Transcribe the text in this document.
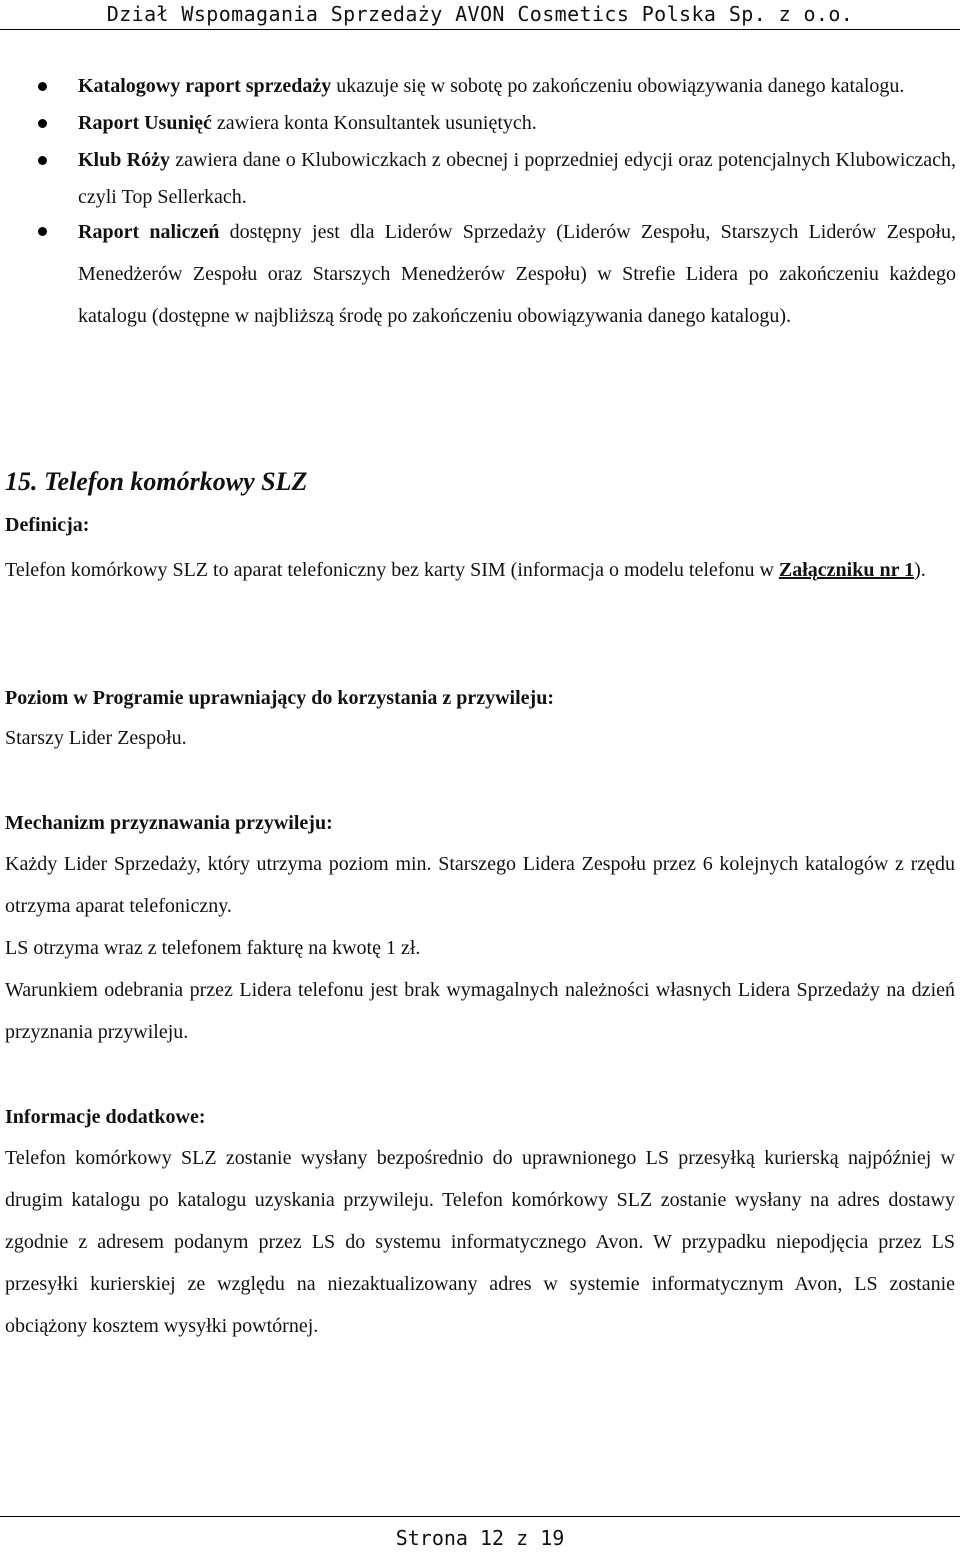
Dział Wspomagania Sprzedaży AVON Cosmetics Polska Sp. z o.o.
Katalogowy raport sprzedaży ukazuje się w sobotę po zakończeniu obowiązywania danego katalogu.
Raport Usunięć zawiera konta Konsultantek usuniętych.
Klub Róży zawiera dane o Klubowiczkach z obecnej i poprzedniej edycji oraz potencjalnych Klubowiczach, czyli Top Sellerkach.
Raport naliczeń dostępny jest dla Liderów Sprzedaży (Liderów Zespołu, Starszych Liderów Zespołu, Menedżerów Zespołu oraz Starszych Menedżerów Zespołu) w Strefie Lidera po zakończeniu każdego katalogu (dostępne w najbliższą środę po zakończeniu obowiązywania danego katalogu).
15. Telefon komórkowy SLZ
Definicja:
Telefon komórkowy SLZ to aparat telefoniczny bez karty SIM (informacja o modelu telefonu w Załączniku nr 1).
Poziom w Programie uprawniający do korzystania z przywileju:
Starszy Lider Zespołu.
Mechanizm przyznawania przywileju:
Każdy Lider Sprzedaży, który utrzyma poziom min. Starszego Lidera Zespołu przez 6 kolejnych katalogów z rzędu otrzyma aparat telefoniczny.
LS otrzyma wraz z telefonem fakturę na kwotę 1 zł.
Warunkiem odebrania przez Lidera telefonu jest brak wymagalnych należności własnych Lidera Sprzedaży na dzień przyznania przywileju.
Informacje dodatkowe:
Telefon komórkowy SLZ zostanie wysłany bezpośrednio do uprawnionego LS przesyłką kurierską najpóźniej w drugim katalogu po katalogu uzyskania przywileju. Telefon komórkowy SLZ zostanie wysłany na adres dostawy zgodnie z adresem podanym przez LS do systemu informatycznego Avon. W przypadku niepodjęcia przez LS przesyłki kurierskiej ze względu na niezaktualizowany adres w systemie informatycznym Avon, LS zostanie obciążony kosztem wysyłki powtórnej.
Strona 12 z 19
